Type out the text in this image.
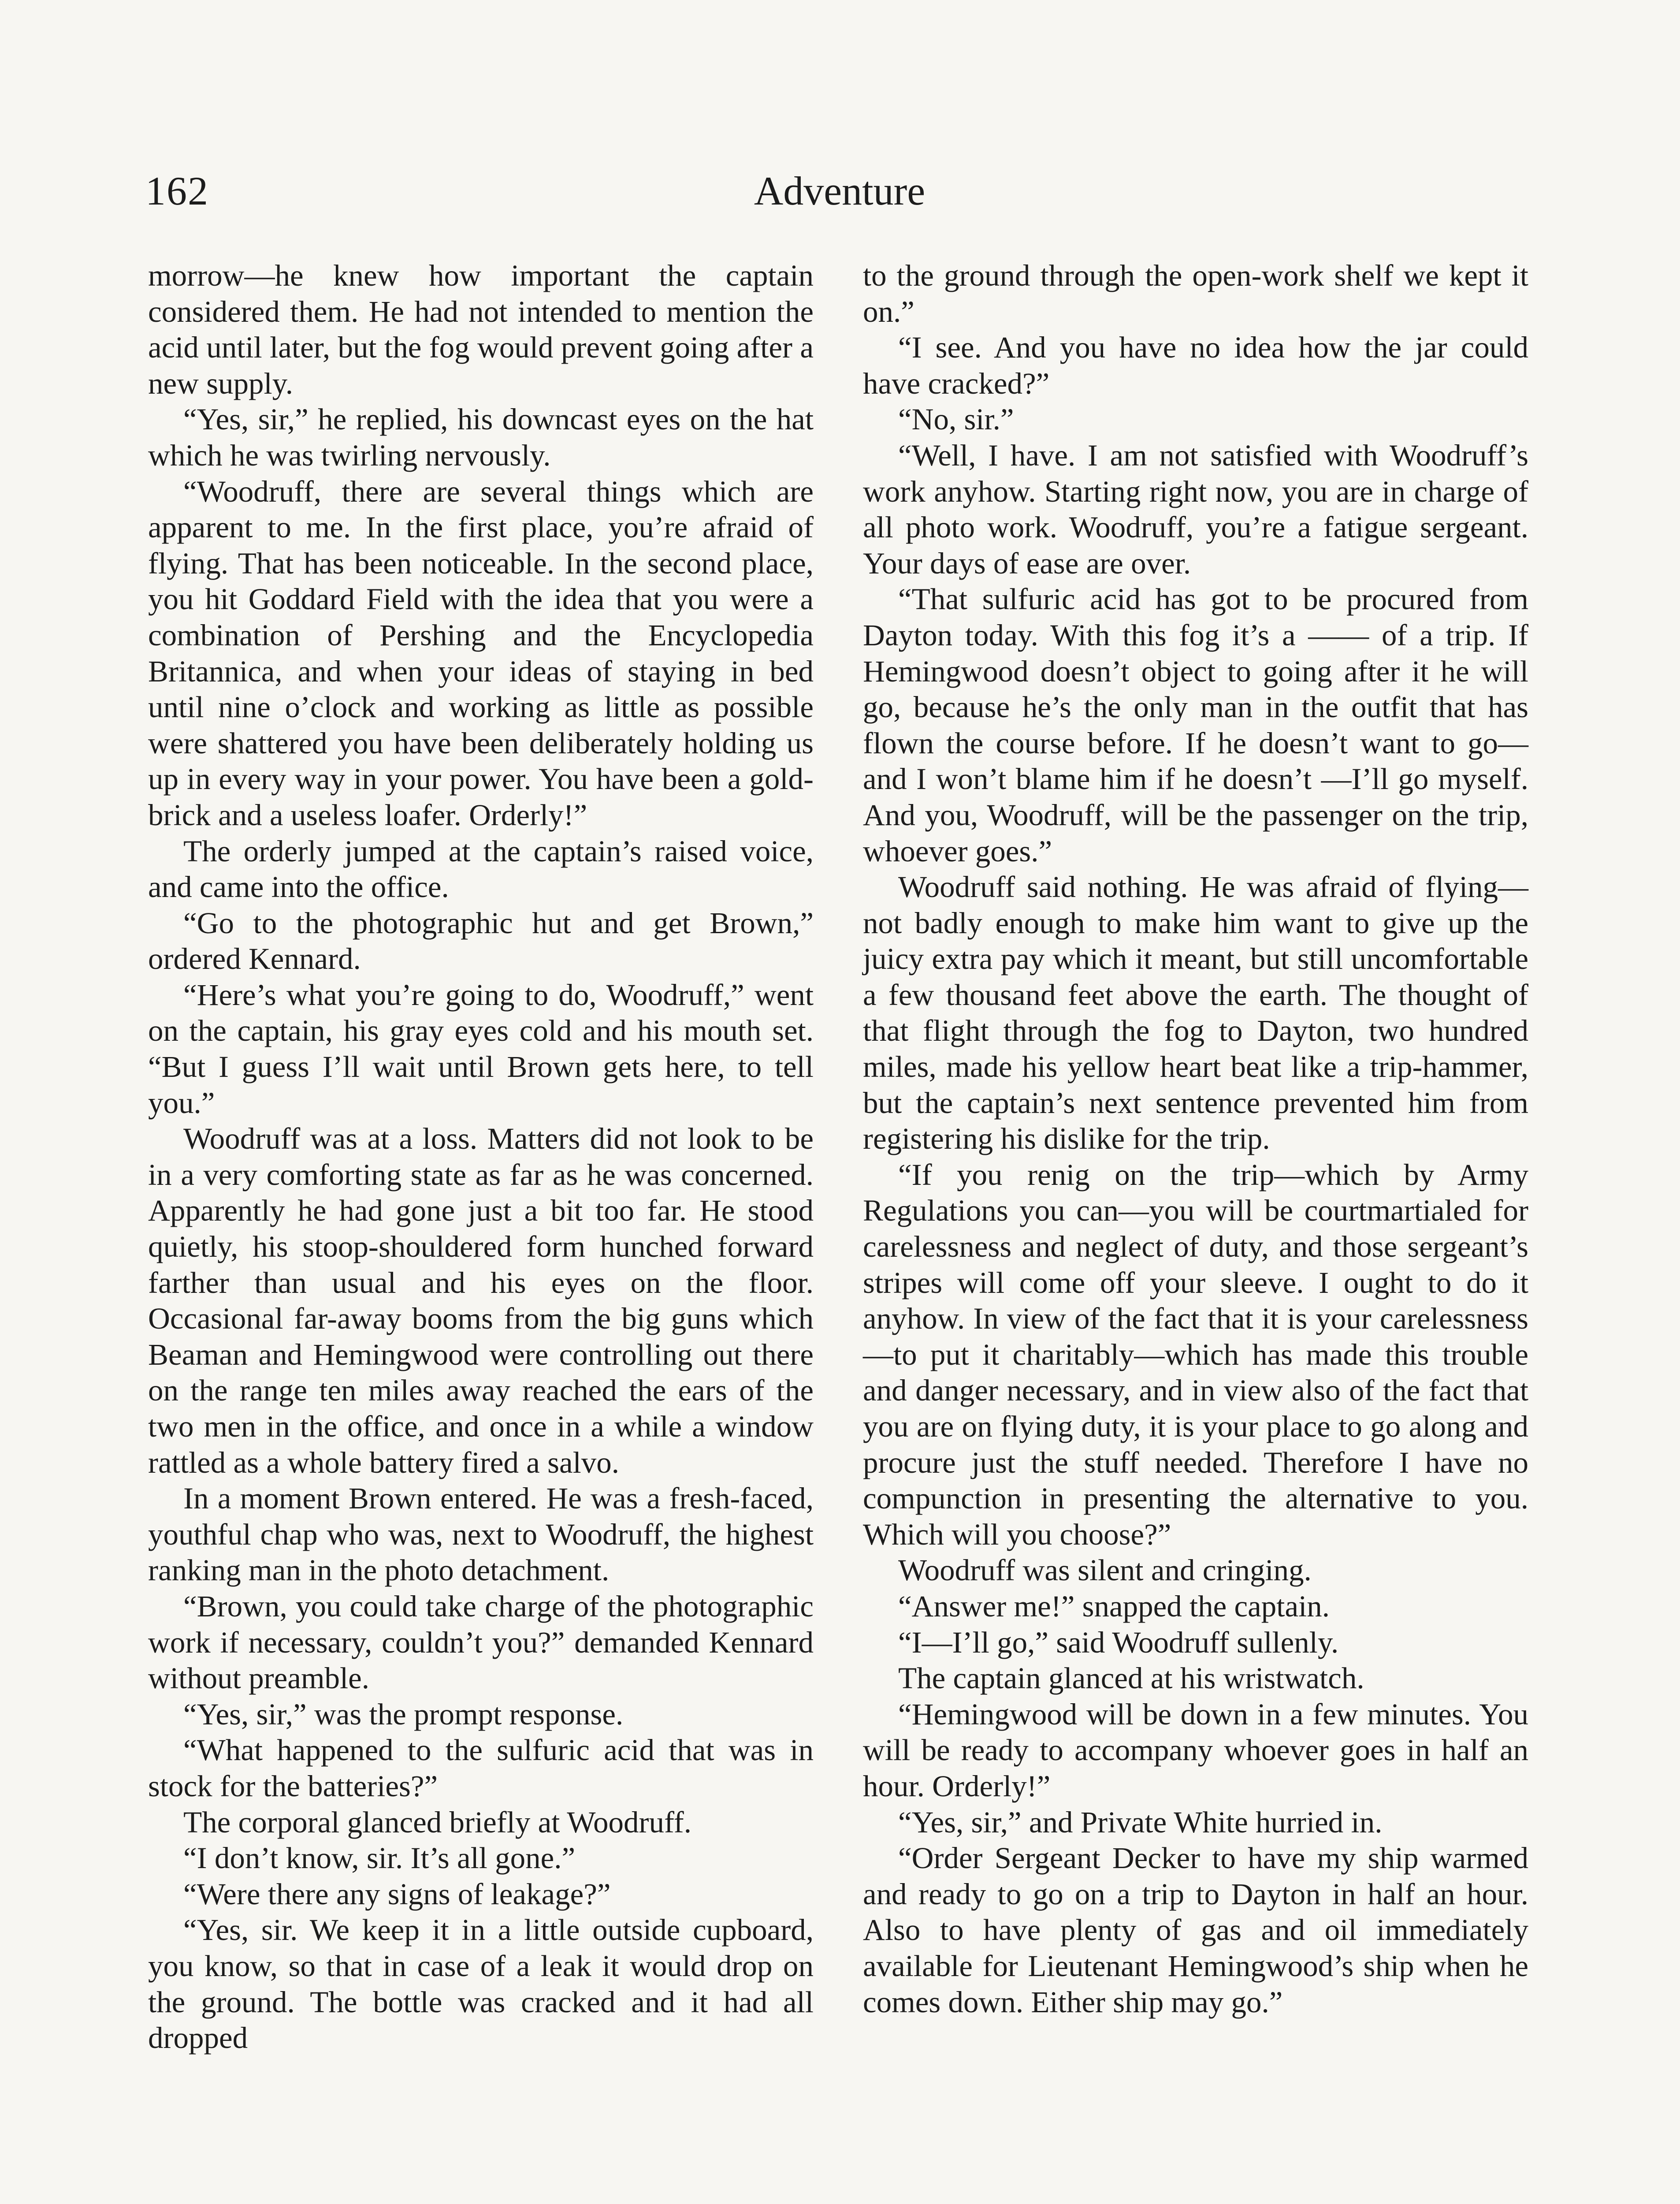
162	Adventure

morrow—he knew how important the captain considered them. He had not intended to mention the acid until later, but the fog would prevent going after a new supply.

“Yes, sir,” he replied, his downcast eyes on the hat which he was twirling nervously.

“Woodruff, there are several things which are apparent to me. In the first place, you’re afraid of flying. That has been noticeable. In the second place, you hit Goddard Field with the idea that you were a combination of Pershing and the Encyclopedia Britannica, and when your ideas of staying in bed until nine o’clock and working as little as possible were shattered you have been deliberately holding us up in every way in your power. You have been a gold-brick and a useless loafer. Orderly!”

The orderly jumped at the captain’s raised voice, and came into the office.

“Go to the photographic hut and get Brown,” ordered Kennard.

“Here’s what you’re going to do, Woodruff,” went on the captain, his gray eyes cold and his mouth set. “But I guess I’ll wait until Brown gets here, to tell you.”

Woodruff was at a loss. Matters did not look to be in a very comforting state as far as he was concerned. Apparently he had gone just a bit too far. He stood quietly, his stoop-shouldered form hunched forward farther than usual and his eyes on the floor. Occasional far-away booms from the big guns which Beaman and Hemingwood were controlling out there on the range ten miles away reached the ears of the two men in the office, and once in a while a window rattled as a whole battery fired a salvo.

In a moment Brown entered. He was a fresh-faced, youthful chap who was, next to Woodruff, the highest ranking man in the photo detachment.

“Brown, you could take charge of the photographic work if necessary, couldn’t you?” demanded Kennard without preamble.

“Yes, sir,” was the prompt response.

“What happened to the sulfuric acid that was in stock for the batteries?”

The corporal glanced briefly at Woodruff.

“I don’t know, sir. It’s all gone.”

“Were there any signs of leakage?”

“Yes, sir. We keep it in a little outside cupboard, you know, so that in case of a leak it would drop on the ground. The bottle was cracked and it had all dropped

to the ground through the open-work shelf we kept it on.”

“I see. And you have no idea how the jar could have cracked?”

“No, sir.”

“Well, I have. I am not satisfied with Woodruff’s work anyhow. Starting right now, you are in charge of all photo work. Woodruff, you’re a fatigue sergeant. Your days of ease are over.

“That sulfuric acid has got to be procured from Dayton today. With this fog it’s a —— of a trip. If Hemingwood doesn’t object to going after it he will go, because he’s the only man in the outfit that has flown the course before. If he doesn’t want to go—and I won’t blame him if he doesn’t —I’ll go myself. And you, Woodruff, will be the passenger on the trip, whoever goes.”

Woodruff said nothing. He was afraid of flying—not badly enough to make him want to give up the juicy extra pay which it meant, but still uncomfortable a few thousand feet above the earth. The thought of that flight through the fog to Dayton, two hundred miles, made his yellow heart beat like a trip-hammer, but the captain’s next sentence prevented him from registering his dislike for the trip.

“If you renig on the trip—which by Army Regulations you can—you will be courtmartialed for carelessness and neglect of duty, and those sergeant’s stripes will come off your sleeve. I ought to do it anyhow. In view of the fact that it is your carelessness—to put it charitably—which has made this trouble and danger necessary, and in view also of the fact that you are on flying duty, it is your place to go along and procure just the stuff needed. Therefore I have no compunction in presenting the alternative to you. Which will you choose?”

Woodruff was silent and cringing.

“Answer me!” snapped the captain.

“I—I’ll go,” said Woodruff sullenly.

The captain glanced at his wristwatch.

“Hemingwood will be down in a few minutes. You will be ready to accompany whoever goes in half an hour. Orderly!”

“Yes, sir,” and Private White hurried in.

“Order Sergeant Decker to have my ship warmed and ready to go on a trip to Dayton in half an hour. Also to have plenty of gas and oil immediately available for Lieutenant Hemingwood’s ship when he comes down. Either ship may go.”
